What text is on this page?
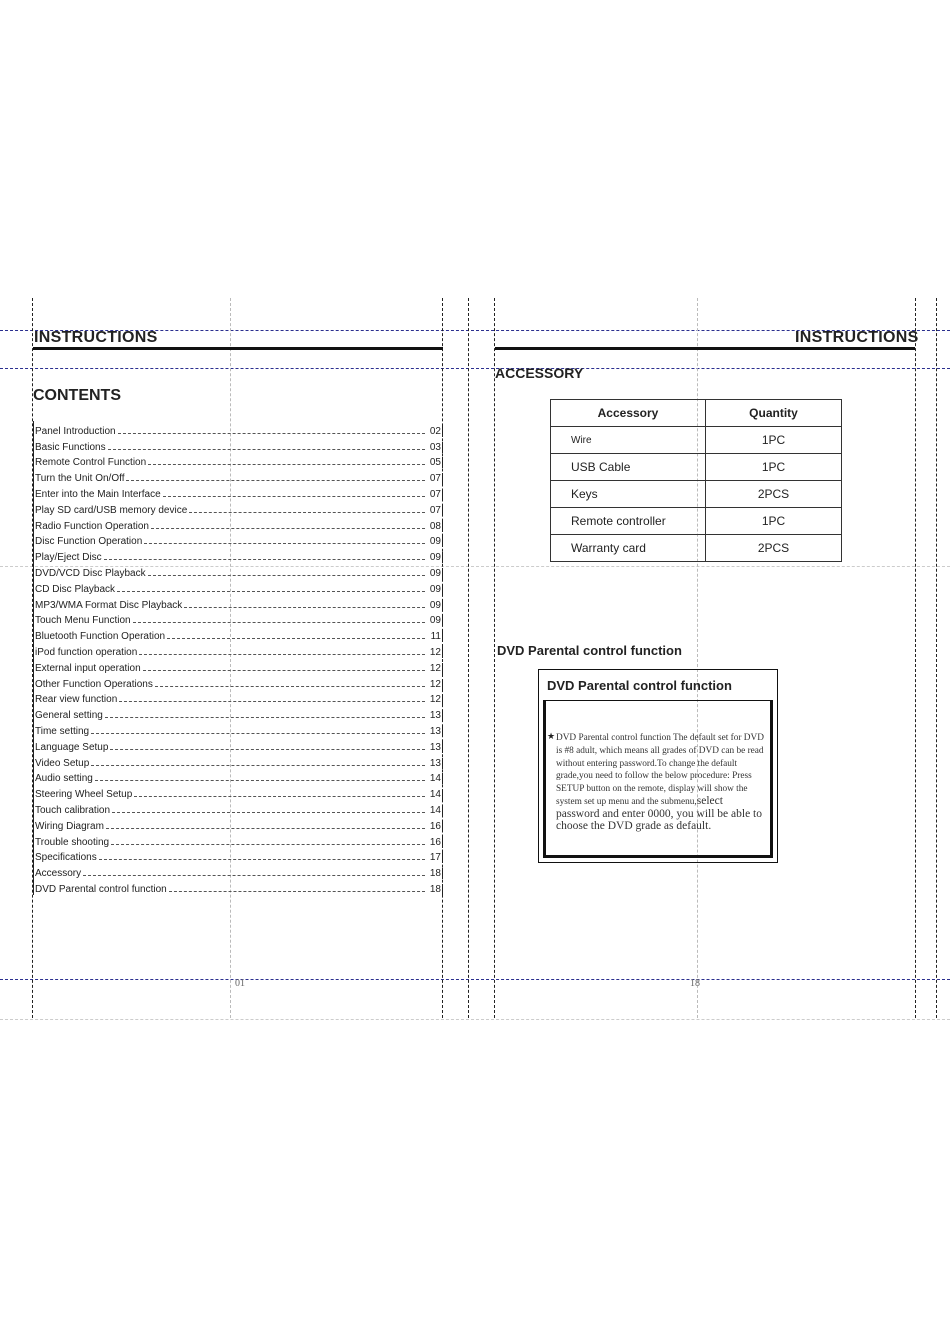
INSTRUCTIONS
CONTENTS
Panel Introduction	02
Basic Functions	03
Remote Control Function	05
Turn the Unit On/Off	07
Enter into the Main Interface	07
Play SD card/USB memory device	07
Radio Function Operation	08
Disc Function Operation	09
Play/Eject Disc	09
DVD/VCD Disc Playback	09
CD Disc Playback	09
MP3/WMA Format Disc Playback	09
Touch Menu Function	09
Bluetooth Function Operation	11
iPod function operation	12
External input operation	12
Other Function Operations	12
Rear view function	12
General setting	13
Time setting	13
Language Setup	13
Video Setup	13
Audio setting	14
Steering Wheel Setup	14
Touch calibration	14
Wiring Diagram	16
Trouble shooting	16
Specifications	17
Accessory	18
DVD Parental control function	18
01
INSTRUCTIONS
ACCESSORY
Accessory	Quantity
Wire	1PC
USB Cable	1PC
Keys	2PCS
Remote controller	1PC
Warranty card	2PCS
DVD Parental control function
DVD Parental control function
★ DVD Parental control function The default set for DVD is #8 adult, which means all grades of DVD can be read without entering password.To change the default grade,you need to follow the below procedure: Press SETUP button on the remote, display will show the system set up menu and the submenu,select password and enter 0000, you will be able to choose the DVD grade as default.
18
